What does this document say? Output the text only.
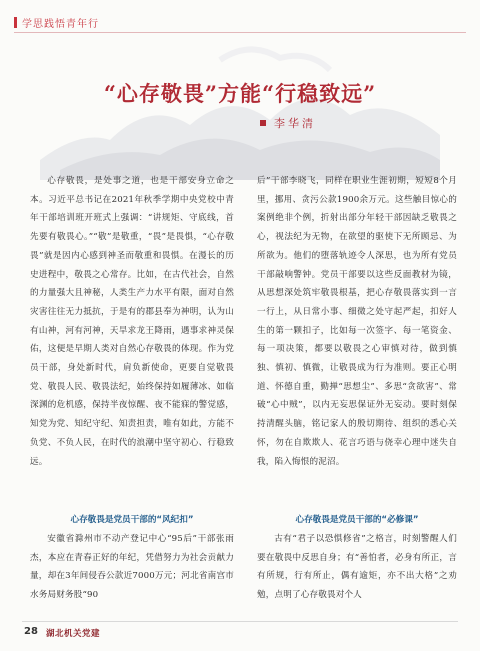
学思践悟青年行
“心存敬畏”方能“行稳致远”
李华清

心存敬畏，是处事之道，也是干部安身立命之本。习近平总书记在2021年秋季学期中央党校中青年干部培训班开班式上强调：“讲规矩、守底线，首先要有敬畏心。”“敬”是敬重，“畏”是畏惧，“心存敬畏”就是因内心感到神圣而敬重和畏惧。在漫长的历史进程中，敬畏之心常存。比如，在古代社会，自然的力量强大且神秘，人类生产力水平有限，面对自然灾害往往无力抵抗，于是有的郡县奉为神明，认为山有山神，河有河神，天旱求龙王降雨，遇事求神灵保佑，这便是早期人类对自然心存敬畏的体现。作为党员干部，身处新时代，肩负新使命，更要自觉敬畏党、敬畏人民、敬畏法纪，始终保持如履薄冰、如临深渊的危机感，保持半夜惊醒、夜不能寐的警觉感，知党为党、知纪守纪、知责担责，唯有如此，方能不负党、不负人民，在时代的浪潮中坚守初心、行稳致远。

后”干部李晓飞，同样在职业生涯初期，短短8个月里，挪用、贪污公款1900余万元。这些触目惊心的案例绝非个例，折射出部分年轻干部因缺乏敬畏之心，视法纪为无物，在欲望的驱使下无所顾忌、为所欲为。他们的堕落轨迹令人深思，也为所有党员干部敲响警钟。党员干部要以这些反面教材为镜，从思想深处筑牢敬畏根基，把心存敬畏落实到一言一行上，从日常小事、细微之处守起严起，扣好人生的第一颗扣子，比如每一次签字、每一笔资金、每一项决策，都要以敬畏之心审慎对待，做到慎独、慎初、慎微，让敬畏成为行为准则。要正心明道、怀德自重，勤掸“思想尘”、多思“贪欲害”、常破“心中贼”，以内无妄思保证外无妄动。要时刻保持清醒头脑，铭记家人的殷切期待、组织的悉心关怀，勿在自欺欺人、花言巧语与侥幸心理中迷失自我，陷入悔恨的泥沼。

心存敬畏是党员干部的“风纪扣”	心存敬畏是党员干部的“必修课”

安徽省滁州市不动产登记中心“95后”干部张雨杰，本应在青春正好的年纪，凭借努力为社会贡献力量，却在3年间侵吞公款近7000万元；河北省南宫市水务局财务股“90

古有“君子以恐惧修省”之格言，时刻警醒人们要在敬畏中反思自身；有“善怕者，必身有所正，言有所规，行有所止，偶有逾矩，亦不出大格”之劝勉，点明了心存敬畏对个人

28 湖北机关党建
